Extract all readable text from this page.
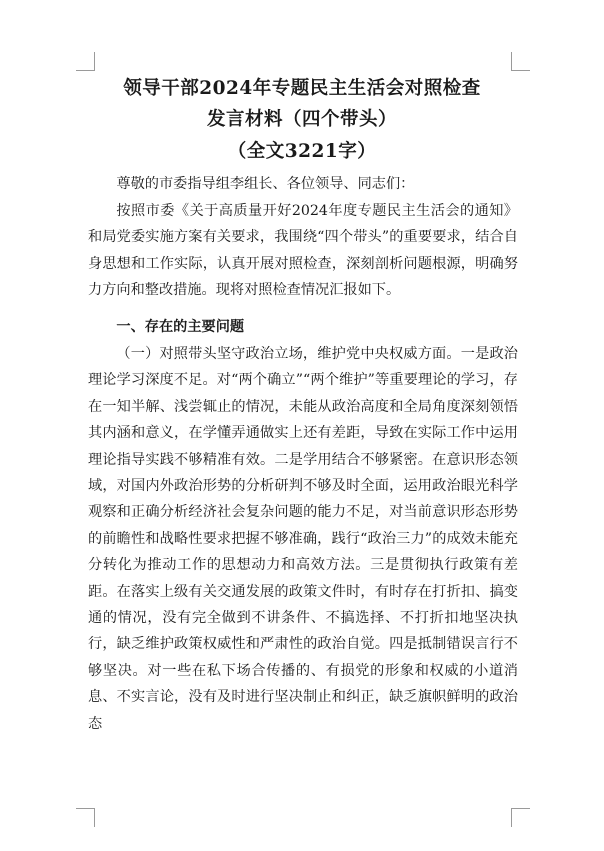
领导干部2024年专题民主生活会对照检查
发言材料（四个带头）
（全文3221字）
尊敬的市委指导组李组长、各位领导、同志们：
按照市委《关于高质量开好2024年度专题民主生活会的通知》和局党委实施方案有关要求，我围绕“四个带头”的重要要求，结合自身思想和工作实际，认真开展对照检查，深刻剖析问题根源，明确努力方向和整改措施。现将对照检查情况汇报如下。
一、存在的主要问题
（一）对照带头坚守政治立场，维护党中央权威方面。一是政治理论学习深度不足。对“两个确立”“两个维护”等重要理论的学习，存在一知半解、浅尝辄止的情况，未能从政治高度和全局角度深刻领悟其内涵和意义，在学懂弄通做实上还有差距，导致在实际工作中运用理论指导实践不够精准有效。二是学用结合不够紧密。在意识形态领域，对国内外政治形势的分析研判不够及时全面，运用政治眼光科学观察和正确分析经济社会复杂问题的能力不足，对当前意识形态形势的前瞻性和战略性要求把握不够准确，践行“政治三力”的成效未能充分转化为推动工作的思想动力和高效方法。三是贯彻执行政策有差距。在落实上级有关交通发展的政策文件时，有时存在打折扣、搞变通的情况，没有完全做到不讲条件、不搞选择、不打折扣地坚决执行，缺乏维护政策权威性和严肃性的政治自觉。四是抵制错误言行不够坚决。对一些在私下场合传播的、有损党的形象和权威的小道消息、不实言论，没有及时进行坚决制止和纠正，缺乏旗帜鲜明的政治态
